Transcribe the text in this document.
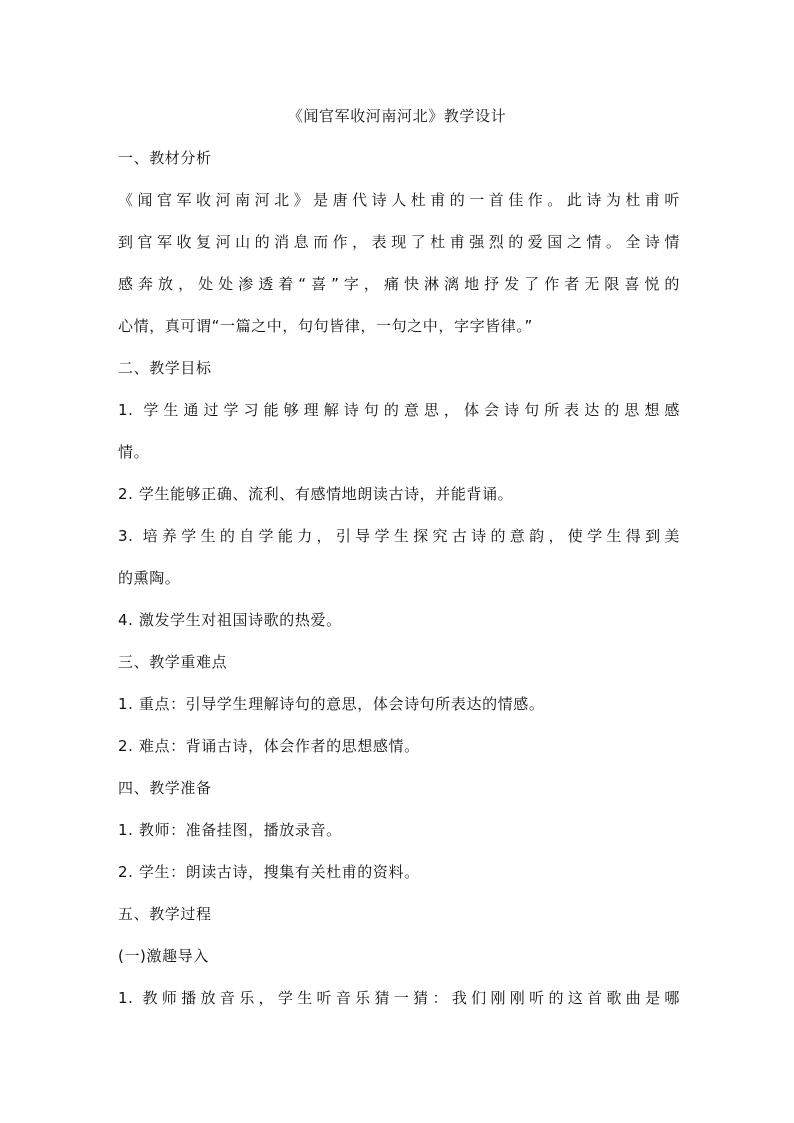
《闻官军收河南河北》教学设计
一、教材分析
《闻官军收河南河北》是唐代诗人杜甫的一首佳作。此诗为杜甫听
到官军收复河山的消息而作，表现了杜甫强烈的爱国之情。全诗情
感奔放，处处渗透着“喜”字，痛快淋漓地抒发了作者无限喜悦的
心情，真可谓“一篇之中，句句皆律，一句之中，字字皆律。”
二、教学目标
1. 学生通过学习能够理解诗句的意思，体会诗句所表达的思想感
情。
2. 学生能够正确、流利、有感情地朗读古诗，并能背诵。
3. 培养学生的自学能力，引导学生探究古诗的意韵，使学生得到美
的熏陶。
4. 激发学生对祖国诗歌的热爱。
三、教学重难点
1. 重点：引导学生理解诗句的意思，体会诗句所表达的情感。
2. 难点：背诵古诗，体会作者的思想感情。
四、教学准备
1. 教师：准备挂图，播放录音。
2. 学生：朗读古诗，搜集有关杜甫的资料。
五、教学过程
(一)激趣导入
1. 教师播放音乐，学生听音乐猜一猜：我们刚刚听的这首歌曲是哪
